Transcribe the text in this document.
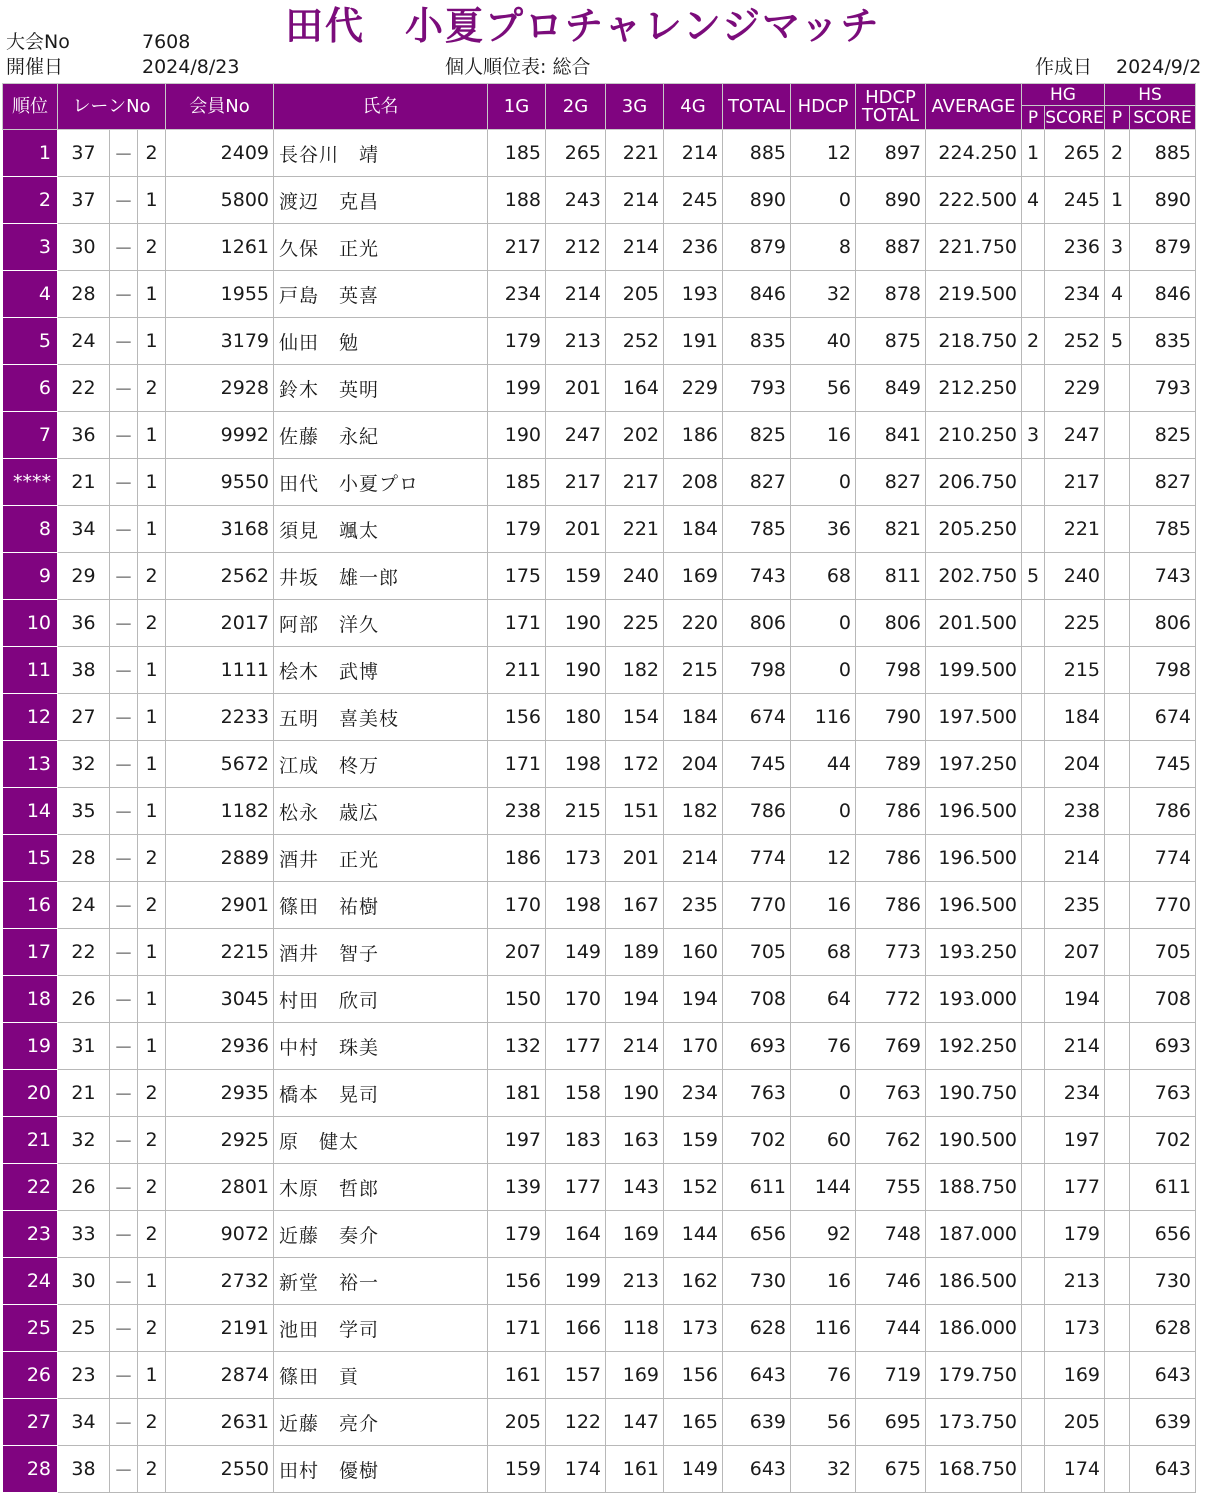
大会No	7608
開催日	2024/8/23
田代　小夏プロチャレンジマッチ
個人順位表: 総合	作成日 2024/9/2
順位	レーンNo			会員No	氏名	1G	2G	3G	4G	TOTAL	HDCP	HDCP
TOTAL	AVERAGE	HG		HS	
														P	SCORE	P	SCORE
1	37	－	2	2409	長谷川　靖	185	265	221	214	885	12	897	224.250	1	265	2	885
2	37	－	1	5800	渡辺　克昌	188	243	214	245	890	0	890	222.500	4	245	1	890
3	30	－	2	1261	久保　正光	217	212	214	236	879	8	887	221.750		236	3	879
4	28	－	1	1955	戸島　英喜	234	214	205	193	846	32	878	219.500		234	4	846
5	24	－	1	3179	仙田　勉	179	213	252	191	835	40	875	218.750	2	252	5	835
6	22	－	2	2928	鈴木　英明	199	201	164	229	793	56	849	212.250		229		793
7	36	－	1	9992	佐藤　永紀	190	247	202	186	825	16	841	210.250	3	247		825
****	21	－	1	9550	田代　小夏プロ	185	217	217	208	827	0	827	206.750		217		827
8	34	－	1	3168	須見　颯太	179	201	221	184	785	36	821	205.250		221		785
9	29	－	2	2562	井坂　雄一郎	175	159	240	169	743	68	811	202.750	5	240		743
10	36	－	2	2017	阿部　洋久	171	190	225	220	806	0	806	201.500		225		806
11	38	－	1	1111	桧木　武博	211	190	182	215	798	0	798	199.500		215		798
12	27	－	1	2233	五明　喜美枝	156	180	154	184	674	116	790	197.500		184		674
13	32	－	1	5672	江成　柊万	171	198	172	204	745	44	789	197.250		204		745
14	35	－	1	1182	松永　歳広	238	215	151	182	786	0	786	196.500		238		786
15	28	－	2	2889	酒井　正光	186	173	201	214	774	12	786	196.500		214		774
16	24	－	2	2901	篠田　祐樹	170	198	167	235	770	16	786	196.500		235		770
17	22	－	1	2215	酒井　智子	207	149	189	160	705	68	773	193.250		207		705
18	26	－	1	3045	村田　欣司	150	170	194	194	708	64	772	193.000		194		708
19	31	－	1	2936	中村　珠美	132	177	214	170	693	76	769	192.250		214		693
20	21	－	2	2935	橋本　晃司	181	158	190	234	763	0	763	190.750		234		763
21	32	－	2	2925	原　健太	197	183	163	159	702	60	762	190.500		197		702
22	26	－	2	2801	木原　哲郎	139	177	143	152	611	144	755	188.750		177		611
23	33	－	2	9072	近藤　奏介	179	164	169	144	656	92	748	187.000		179		656
24	30	－	1	2732	新堂　裕一	156	199	213	162	730	16	746	186.500		213		730
25	25	－	2	2191	池田　学司	171	166	118	173	628	116	744	186.000		173		628
26	23	－	1	2874	篠田　貢	161	157	169	156	643	76	719	179.750		169		643
27	34	－	2	2631	近藤　亮介	205	122	147	165	639	56	695	173.750		205		639
28	38	－	2	2550	田村　優樹	159	174	161	149	643	32	675	168.750		174		643
